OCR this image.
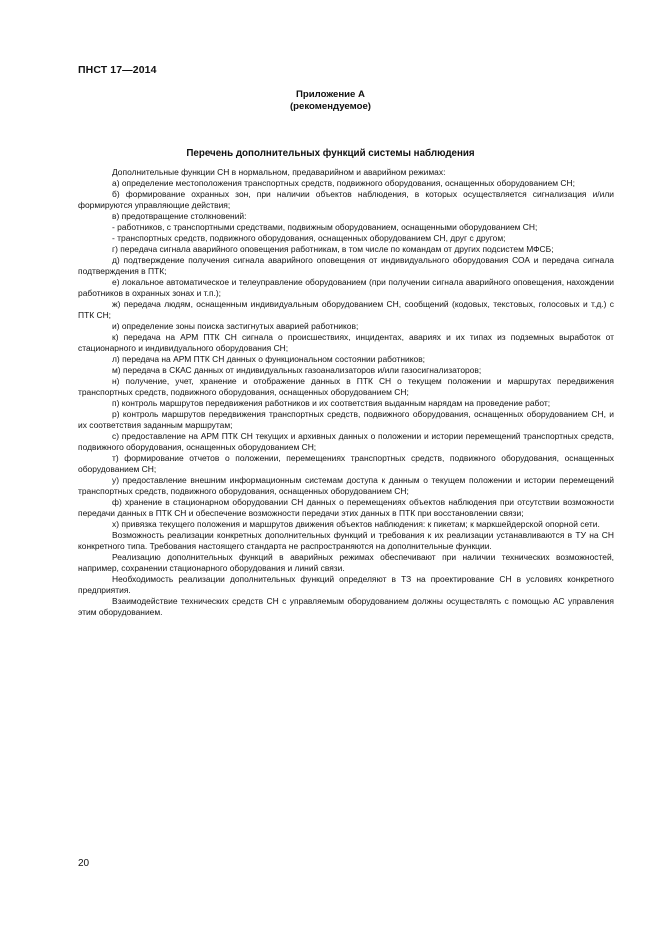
ПНСТ 17—2014
Приложение А
(рекомендуемое)
Перечень дополнительных функций системы наблюдения

Дополнительные функции СН в нормальном, предаварийном и аварийном режимах:

а) определение местоположения транспортных средств, подвижного оборудования, оснащенных оборудованием СН;

б) формирование охранных зон, при наличии объектов наблюдения, в которых осуществляется сигнализация и/или формируются управляющие действия;

в) предотвращение столкновений:

- работников, с транспортными средствами, подвижным оборудованием, оснащенными оборудованием СН;

- транспортных средств, подвижного оборудования, оснащенных оборудованием СН, друг с другом;

г) передача сигнала аварийного оповещения работникам, в том числе по командам от других подсистем МФСБ;

д) подтверждение получения сигнала аварийного оповещения от индивидуального оборудования СОА и передача сигнала подтверждения в ПТК;

е) локальное автоматическое и телеуправление оборудованием (при получении сигнала аварийного оповещения, нахождении работников в охранных зонах и т.п.);

ж) передача людям, оснащенным индивидуальным оборудованием СН, сообщений (кодовых, текстовых, голосовых и т.д.) с ПТК СН;

и) определение зоны поиска застигнутых аварией работников;

к) передача на АРМ ПТК СН сигнала о происшествиях, инцидентах, авариях и их типах из подземных выработок от стационарного и индивидуального оборудования СН;

л) передача на АРМ ПТК СН данных о функциональном состоянии работников;

м) передача в СКАС данных от индивидуальных газоанализаторов и/или газосигнализаторов;

н) получение, учет, хранение и отображение данных в ПТК СН о текущем положении и маршрутах передвижения транспортных средств, подвижного оборудования, оснащенных оборудованием СН;

п) контроль маршрутов передвижения работников и их соответствия выданным нарядам на проведение работ;

р) контроль маршрутов передвижения транспортных средств, подвижного оборудования, оснащенных оборудованием СН, и их соответствия заданным маршрутам;

с) предоставление на АРМ ПТК СН текущих и архивных данных о положении и истории перемещений транспортных средств, подвижного оборудования, оснащенных оборудованием СН;

т) формирование отчетов о положении, перемещениях транспортных средств, подвижного оборудования, оснащенных оборудованием СН;

у) предоставление внешним информационным системам доступа к данным о текущем положении и истории перемещений транспортных средств, подвижного оборудования, оснащенных оборудованием СН;

ф) хранение в стационарном оборудовании СН данных о перемещениях объектов наблюдения при отсутствии возможности передачи данных в ПТК СН и обеспечение возможности передачи этих данных в ПТК при восстановлении связи;

х) привязка текущего положения и маршрутов движения объектов наблюдения: к пикетам; к маркшейдерской опорной сети.

Возможность реализации конкретных дополнительных функций и требования к их реализации устанавливаются в ТУ на СН конкретного типа. Требования настоящего стандарта не распространяются на дополнительные функции.

Реализацию дополнительных функций в аварийных режимах обеспечивают при наличии технических возможностей, например, сохранении стационарного оборудования и линий связи.

Необходимость реализации дополнительных функций определяют в ТЗ на проектирование СН в условиях конкретного предприятия.

Взаимодействие технических средств СН с управляемым оборудованием должны осуществлять с помощью АС управления этим оборудованием.

20
